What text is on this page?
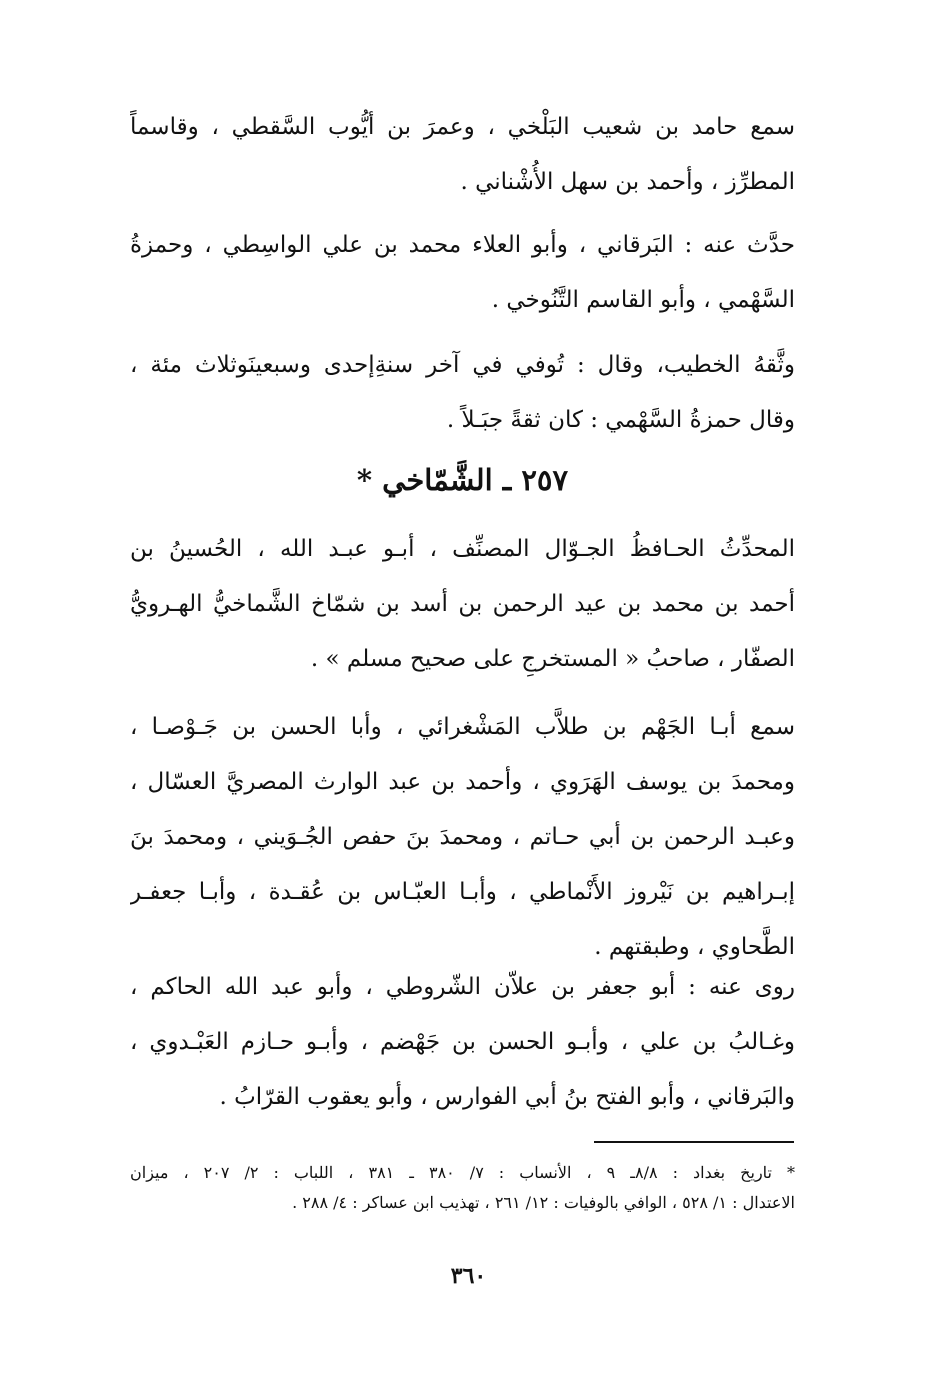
سمع حامد بن شعيب البَلْخي ، وعمرَ بن أيُّوب السَّقطي ، وقاسماً
المطرِّز ، وأحمد بن سهل الأُشْناني .

حدَّث عنه : البَرقاني ، وأبو العلاء محمد بن علي الواسِطي ، وحمزةُ
السَّهْمي ، وأبو القاسم التَّنُوخي .

وثَّقهُ الخطيب، وقال : تُوفي في آخر سنةِإحدى وسبعينَوثلاث مئة ،
وقال حمزةُ السَّهْمي : كان ثقةً جبَـلاً .

٢٥٧ ـ الشَّمّاخي *

المحدِّثُ الحـافظُ الجـوّال المصنِّف ، أبـو عبـد الله ، الحُسينُ بن
أحمد بن محمد بن عيد الرحمن بن أسد بن شمّاخ الشَّماخيُّ الهـرويُّ
الصفّار ، صاحبُ « المستخرجِ على صحيح مسلم » .

سمع أبـا الجَهْم بن طلاَّب المَشْغرائي ، وأبا الحسن بن جَـوْصـا ،
ومحمدَ بن يوسف الهَرَوي ، وأحمد بن عبد الوارث المصريَّ العسّال ،
وعبـد الرحمن بن أبي حـاتم ، ومحمدَ بنَ حفص الجُـوَيني ، ومحمدَ بنَ
إبـراهيم بن نَيْروز الأَنْماطي ، وأبـا العبّـاس بن عُقـدة ، وأبـا جعفـر
الطَّحاوي ، وطبقتهم .

روى عنه : أبو جعفر بن علاّن الشّروطي ، وأبو عبد الله الحاكم ،
وغـالبُ بن علي ، وأبـو الحسن بن جَهْضم ، وأبـو حـازم العَبْـدوي ،
والبَرقاني ، وأبو الفتح بنُ أبي الفوارس ، وأبو يعقوب القرّابُ .

* تاريخ بغداد : ٨/٨ـ ٩ ، الأنساب : ٧/ ٣٨٠ ـ ٣٨١ ، اللباب : ٢/ ٢٠٧ ، ميزان
الاعتدال : ١/ ٥٢٨ ، الوافي بالوفيات : ١٢/ ٢٦١ ، تهذيب ابن عساكر : ٤/ ٢٨٨ .

٣٦٠
